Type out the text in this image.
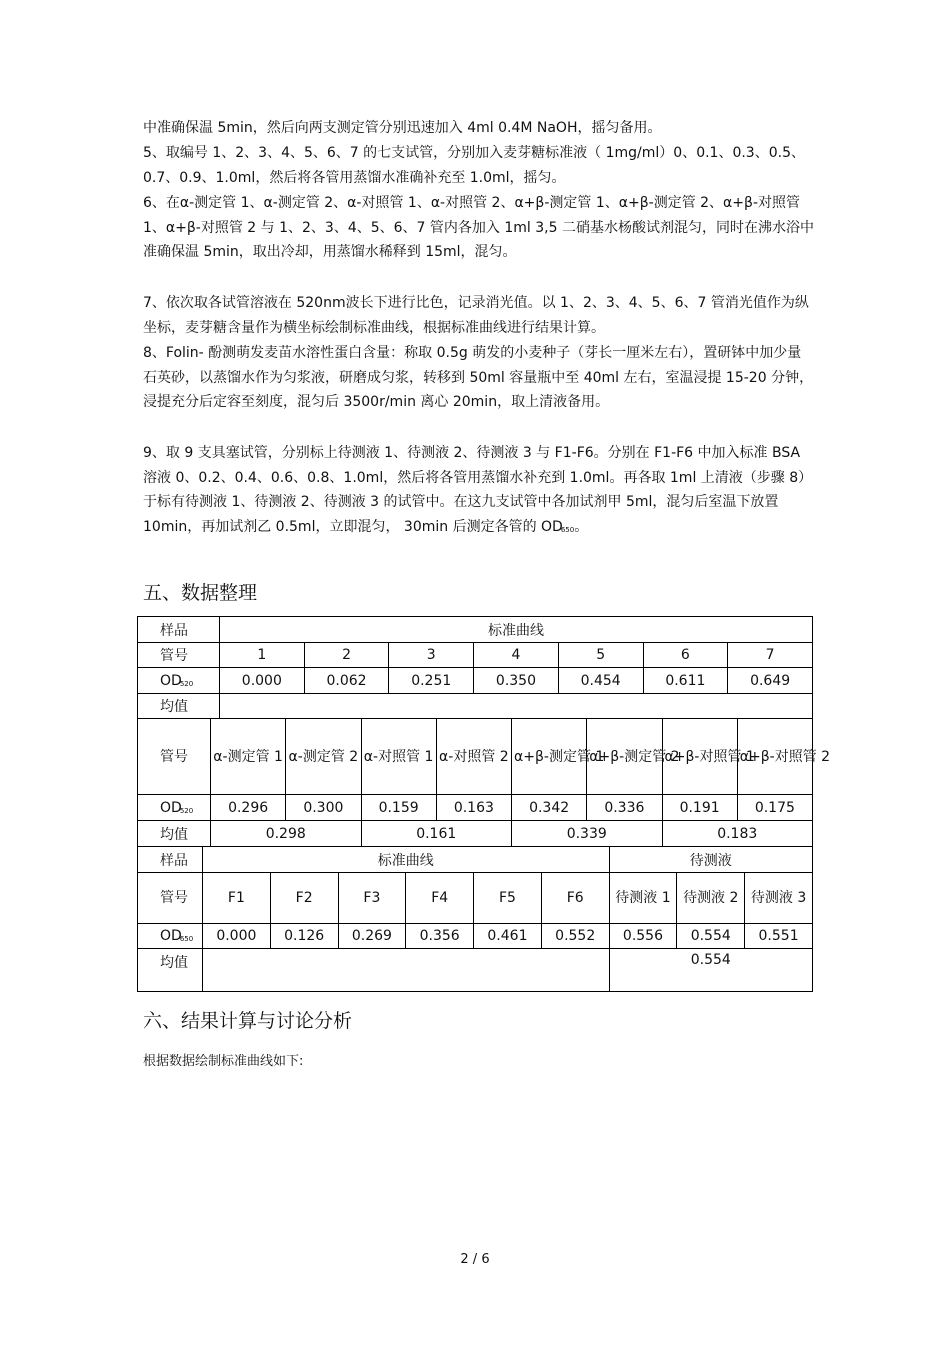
中准确保温 5min，然后向两支测定管分别迅速加入 4ml 0.4M NaOH，摇匀备用。

5、取编号 1、2、3、4、5、6、7 的七支试管，分别加入麦芽糖标准液（ 1mg/ml）0、0.1、0.3、0.5、0.7、0.9、1.0ml，然后将各管用蒸馏水准确补充至 1.0ml，摇匀。

6、在α-测定管 1、α-测定管 2、α-对照管 1、α-对照管 2、α+β-测定管 1、α+β-测定管 2、α+β-对照管 1、α+β-对照管 2 与 1、2、3、4、5、6、7 管内各加入 1ml 3,5 二硝基水杨酸试剂混匀，同时在沸水浴中准确保温 5min，取出冷却，用蒸馏水稀释到 15ml，混匀。

7、依次取各试管溶液在 520nm波长下进行比色，记录消光值。以 1、2、3、4、5、6、7 管消光值作为纵坐标，麦芽糖含量作为横坐标绘制标准曲线，根据标准曲线进行结果计算。

8、Folin- 酚测萌发麦苗水溶性蛋白含量：称取 0.5g 萌发的小麦种子（芽长一厘米左右），置研钵中加少量石英砂，以蒸馏水作为匀浆液，研磨成匀浆，转移到 50ml 容量瓶中至 40ml 左右，室温浸提 15-20 分钟，浸提充分后定容至刻度，混匀后 3500r/min 离心 20min，取上清液备用。

9、取 9 支具塞试管，分别标上待测液 1、待测液 2、待测液 3 与 F1-F6。分别在 F1-F6 中加入标准 BSA 溶液 0、0.2、0.4、0.6、0.8、1.0ml，然后将各管用蒸馏水补充到 1.0ml。再各取 1ml 上清液（步骤 8）于标有待测液 1、待测液 2、待测液 3 的试管中。在这九支试管中各加试剂甲 5ml，混匀后室温下放置 10min，再加试剂乙 0.5ml，立即混匀， 30min 后测定各管的 $OD_{650}$。

五、数据整理
样品	标准曲线						
管号	1	2	3	4	5	6	7
OD520	0.000	0.062	0.251	0.350	0.454	0.611	0.649
均值							
管号	α-测定管 1	α-测定管 2	α-对照管 1	α-对照管 2	α+β-测定管 1	α+β-测定管 2	α+β-对照管 1	α+β-对照管 2
OD520	0.296	0.300	0.159	0.163	0.342	0.336	0.191	0.175
均值	0.298		0.161		0.339		0.183	
样品	标准曲线						待测液		
管号	F1	F2	F3	F4	F5	F6	待测液 1	待测液 2	待测液 3
OD650	0.000	0.126	0.269	0.356	0.461	0.552	0.556	0.554	0.551
均值							0.554		
六、结果计算与讨论分析

根据数据绘制标准曲线如下:

2 / 6
